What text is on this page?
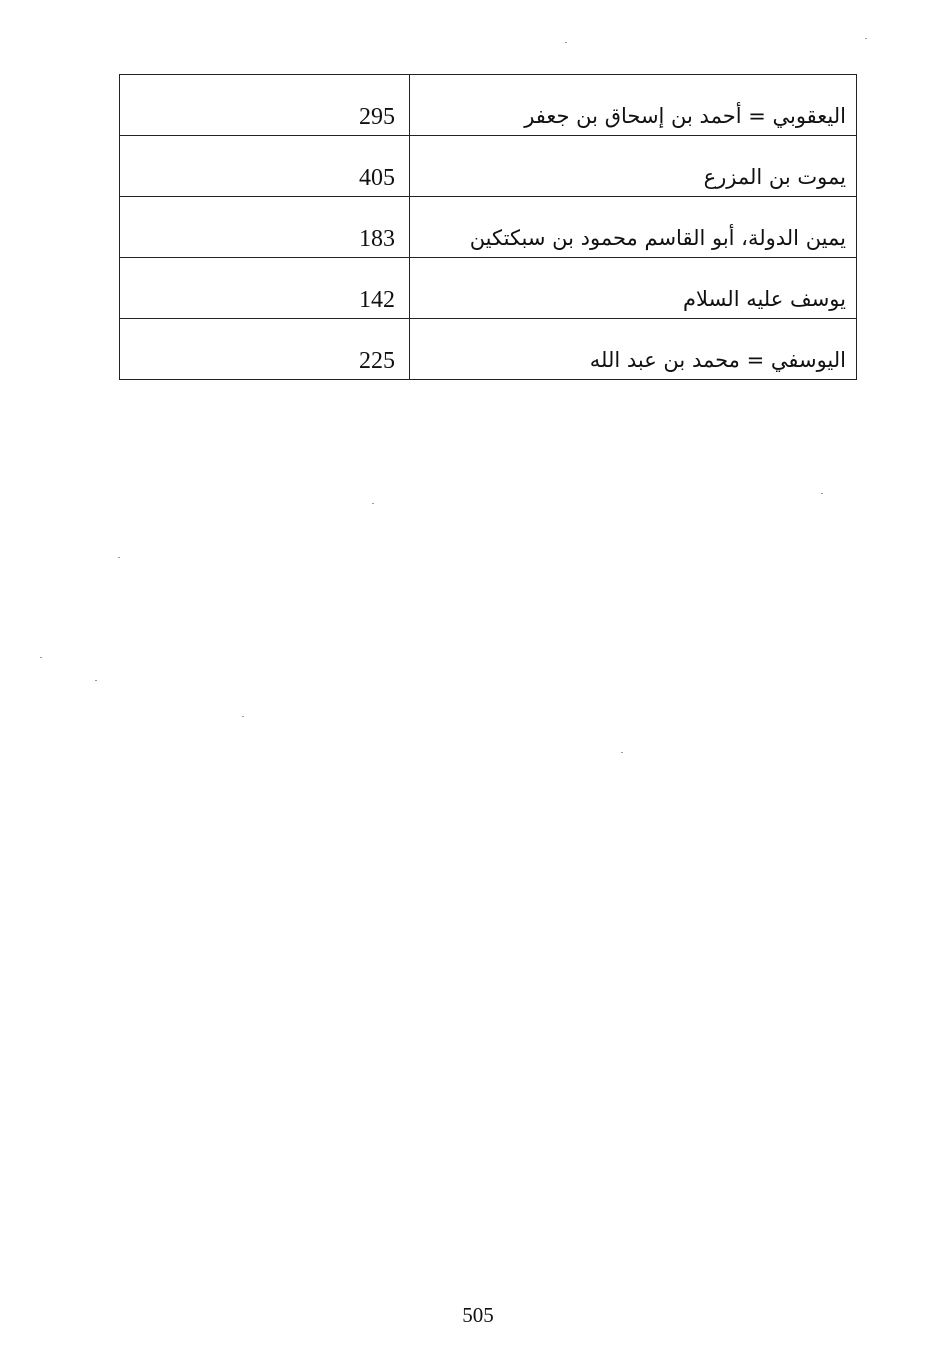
295	اليعقوبي = أحمد بن إسحاق بن جعفر
405	يموت بن المزرع
183	يمين الدولة، أبو القاسم محمود بن سبكتكين
142	يوسف عليه السلام
225	اليوسفي = محمد بن عبد الله
505
